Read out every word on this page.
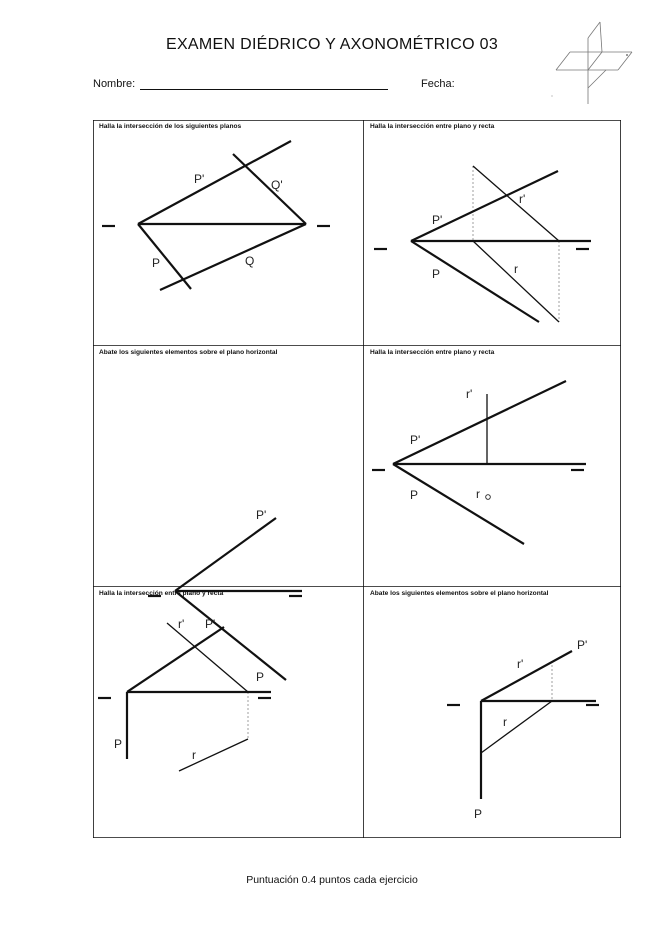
EXAMEN DIÉDRICO Y AXONOMÉTRICO 03
Nombre:	Fecha:
P'	Q'
P	Q
Halla la intersección de los siguientes planos
P'
r'
P	r
Halla la intersección entre plano y recta
P'
P
Abate los siguientes elementos sobre el plano horizontal
r'
P'
P	r
Halla la intersección entre plano y recta
r' P'
P
r
Halla la intersección entre plano y recta
P'
r'
r
P
Abate los siguientes elementos sobre el plano horizontal
Puntuación 0.4 puntos cada ejercicio
